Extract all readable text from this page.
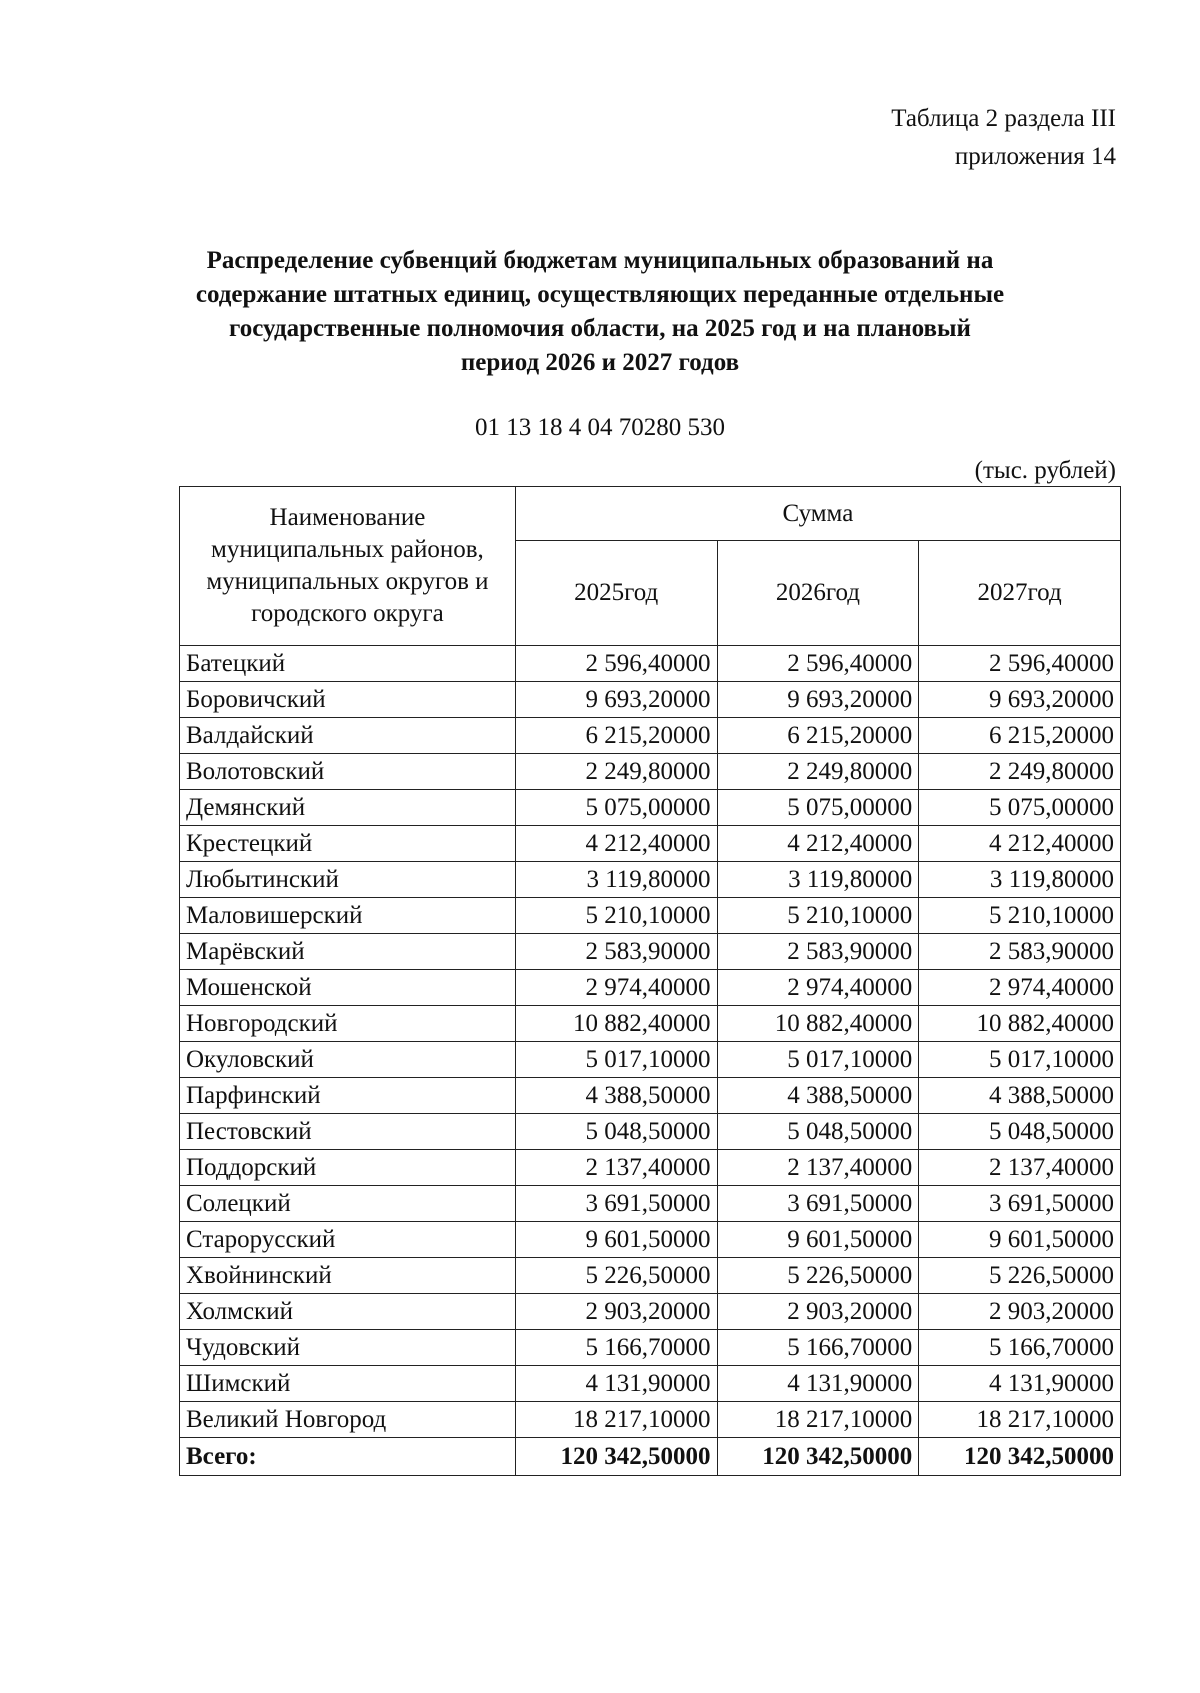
Таблица 2 раздела III
приложения 14
Распределение субвенций бюджетам муниципальных образований на
содержание штатных единиц, осуществляющих переданные отдельные
государственные полномочия области, на 2025 год и на плановый
период 2026 и 2027 годов
01 13 18 4 04 70280 530
(тыс. рублей)
Наименование муниципальных районов, муниципальных округов и городского округа	Сумма		
	2025год	2026год	2027год
Батецкий	2 596,40000	2 596,40000	2 596,40000
Боровичский	9 693,20000	9 693,20000	9 693,20000
Валдайский	6 215,20000	6 215,20000	6 215,20000
Волотовский	2 249,80000	2 249,80000	2 249,80000
Демянский	5 075,00000	5 075,00000	5 075,00000
Крестецкий	4 212,40000	4 212,40000	4 212,40000
Любытинский	3 119,80000	3 119,80000	3 119,80000
Маловишерский	5 210,10000	5 210,10000	5 210,10000
Марёвский	2 583,90000	2 583,90000	2 583,90000
Мошенской	2 974,40000	2 974,40000	2 974,40000
Новгородский	10 882,40000	10 882,40000	10 882,40000
Окуловский	5 017,10000	5 017,10000	5 017,10000
Парфинский	4 388,50000	4 388,50000	4 388,50000
Пестовский	5 048,50000	5 048,50000	5 048,50000
Поддорский	2 137,40000	2 137,40000	2 137,40000
Солецкий	3 691,50000	3 691,50000	3 691,50000
Старорусский	9 601,50000	9 601,50000	9 601,50000
Хвойнинский	5 226,50000	5 226,50000	5 226,50000
Холмский	2 903,20000	2 903,20000	2 903,20000
Чудовский	5 166,70000	5 166,70000	5 166,70000
Шимский	4 131,90000	4 131,90000	4 131,90000
Великий Новгород	18 217,10000	18 217,10000	18 217,10000
Всего:	120 342,50000	120 342,50000	120 342,50000
